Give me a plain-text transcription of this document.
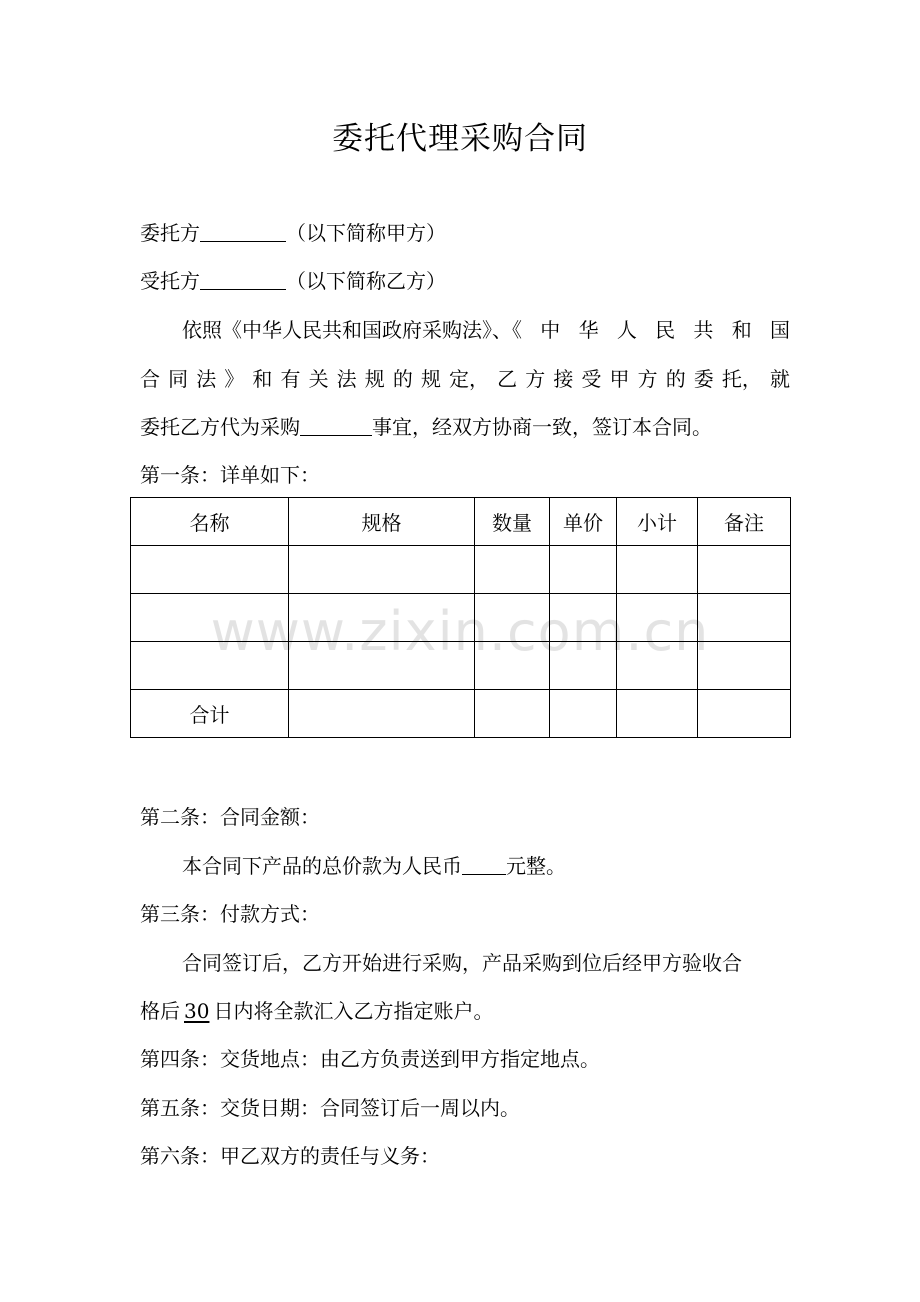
委托代理采购合同
委托方	（以下简称甲方）
受托方	（以下简称乙方）
依照《中华人民共和国政府采购法》、《 中 华 人 民 共 和 国
合 同 法 》 和 有 关 法 规 的 规 定， 乙 方 接 受 甲 方 的 委 托， 就
委托乙方代为采购	事宜，经双方协商一致，签订本合同。
第一条：详单如下：
名称	规格	数量	单价	小计	备注

合计					
www.zixin.com.cn
第二条：合同金额：
本合同下产品的总价款为人民币 元整。
第三条：付款方式：
合同签订后，乙方开始进行采购，产品采购到位后经甲方验收合
格后 30 日内将全款汇入乙方指定账户。
第四条：交货地点：由乙方负责送到甲方指定地点。
第五条：交货日期：合同签订后一周以内。
第六条：甲乙双方的责任与义务：
